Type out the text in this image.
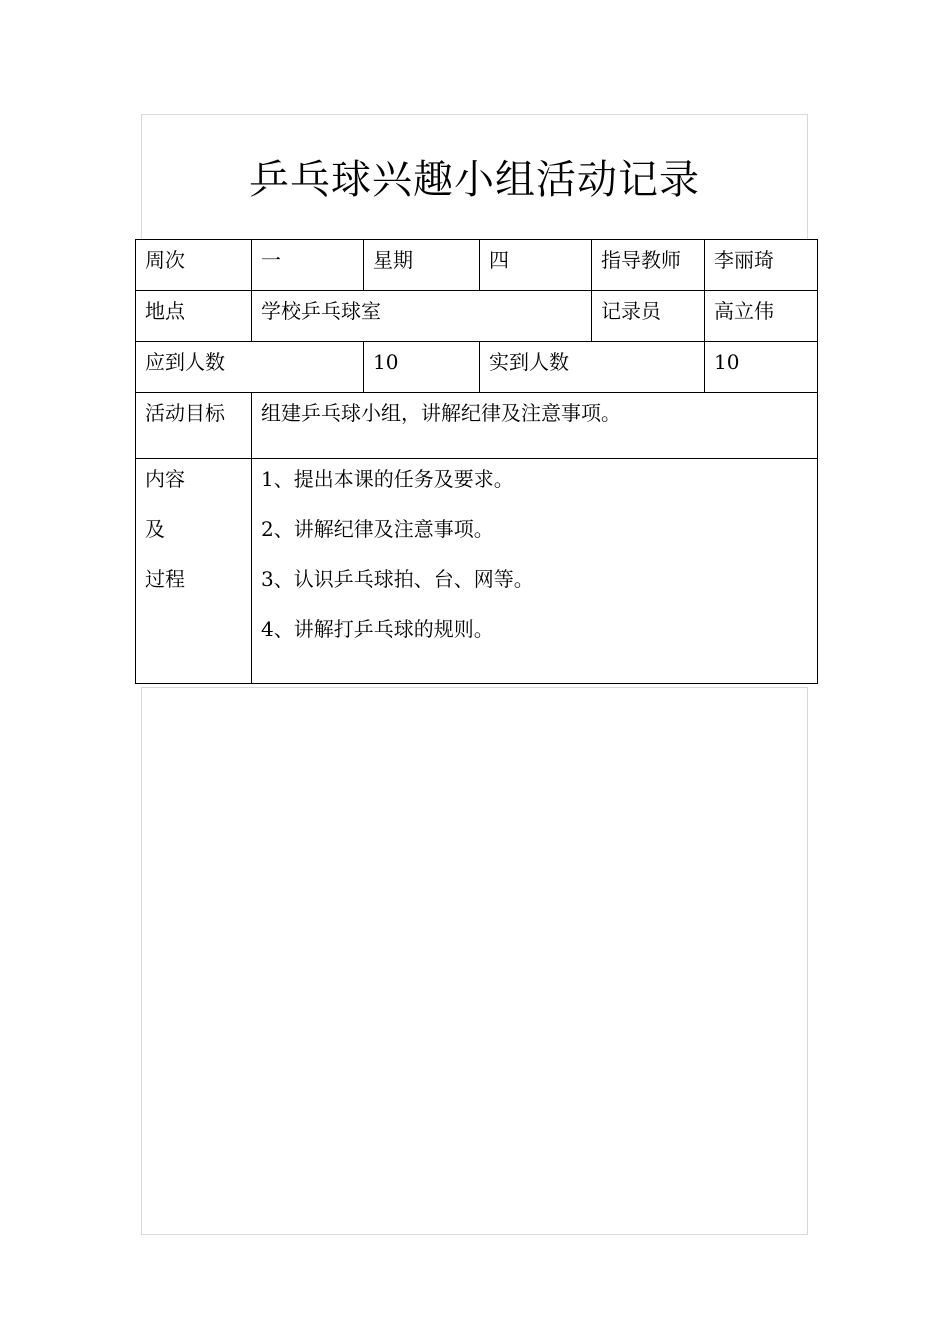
乒乓球兴趣小组活动记录
周次	一	星期	四	指导教师	李丽琦
地点	学校乒乓球室			记录员	高立伟
应到人数		10	实到人数		10
活动目标	组建乒乓球小组，讲解纪律及注意事项。				

内容
及
过程	1、提出本课的任务及要求。
2、讲解纪律及注意事项。
3、认识乒乓球拍、台、网等。
4、讲解打乒乓球的规则。				
